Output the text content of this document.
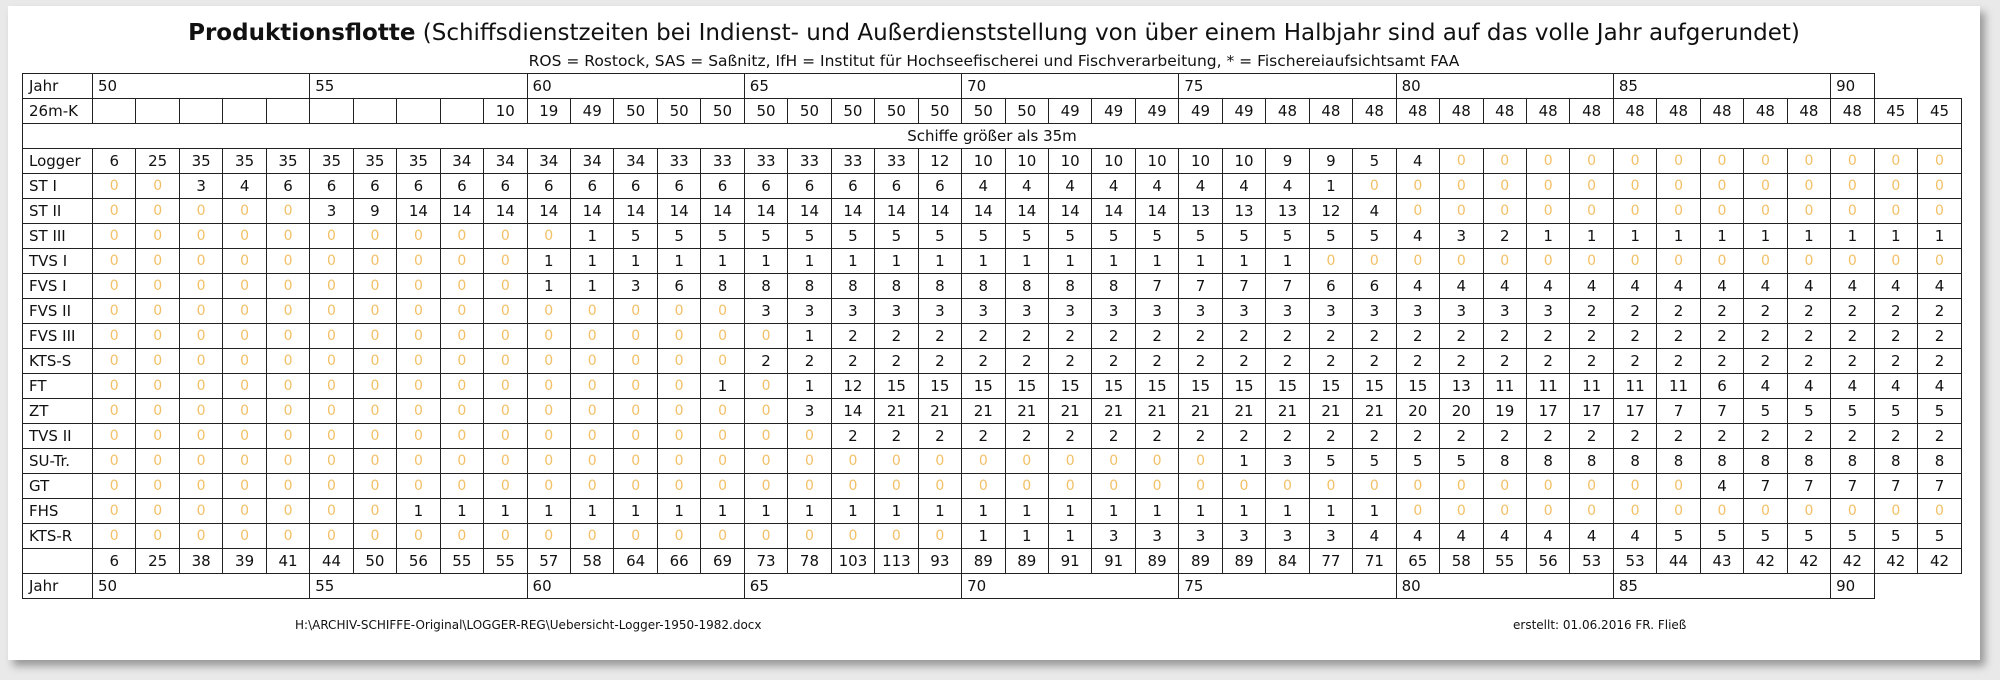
Produktionsflotte (Schiffsdienstzeiten bei Indienst- und Außerdienststellung von über einem Halbjahr sind auf das volle Jahr aufgerundet)
ROS = Rostock, SAS = Saßnitz, IfH = Institut für Hochseefischerei und Fischverarbeitung, * = Fischereiaufsichtsamt FAA
Jahr	50					55					60					65					70					75					80					85					90		
26m-K										10	19	49	50	50	50	50	50	50	50	50	50	50	49	49	49	49	49	48	48	48	48	48	48	48	48	48	48	48	48	48	48	45	45
Schiffe größer als 35m																																											
Logger	6	25	35	35	35	35	35	35	34	34	34	34	34	33	33	33	33	33	33	12	10	10	10	10	10	10	10	9	9	5	4	0	0	0	0	0	0	0	0	0	0	0	0
ST I	0	0	3	4	6	6	6	6	6	6	6	6	6	6	6	6	6	6	6	6	4	4	4	4	4	4	4	4	1	0	0	0	0	0	0	0	0	0	0	0	0	0	0
ST II	0	0	0	0	0	3	9	14	14	14	14	14	14	14	14	14	14	14	14	14	14	14	14	14	14	13	13	13	12	4	0	0	0	0	0	0	0	0	0	0	0	0	0
ST III	0	0	0	0	0	0	0	0	0	0	0	1	5	5	5	5	5	5	5	5	5	5	5	5	5	5	5	5	5	5	4	3	2	1	1	1	1	1	1	1	1	1	1
TVS I	0	0	0	0	0	0	0	0	0	0	1	1	1	1	1	1	1	1	1	1	1	1	1	1	1	1	1	1	0	0	0	0	0	0	0	0	0	0	0	0	0	0	0
FVS I	0	0	0	0	0	0	0	0	0	0	1	1	3	6	8	8	8	8	8	8	8	8	8	8	7	7	7	7	6	6	4	4	4	4	4	4	4	4	4	4	4	4	4
FVS II	0	0	0	0	0	0	0	0	0	0	0	0	0	0	0	3	3	3	3	3	3	3	3	3	3	3	3	3	3	3	3	3	3	3	2	2	2	2	2	2	2	2	2
FVS III	0	0	0	0	0	0	0	0	0	0	0	0	0	0	0	0	1	2	2	2	2	2	2	2	2	2	2	2	2	2	2	2	2	2	2	2	2	2	2	2	2	2	2
KTS-S	0	0	0	0	0	0	0	0	0	0	0	0	0	0	0	2	2	2	2	2	2	2	2	2	2	2	2	2	2	2	2	2	2	2	2	2	2	2	2	2	2	2	2
FT	0	0	0	0	0	0	0	0	0	0	0	0	0	0	1	0	1	12	15	15	15	15	15	15	15	15	15	15	15	15	15	13	11	11	11	11	11	6	4	4	4	4	4
ZT	0	0	0	0	0	0	0	0	0	0	0	0	0	0	0	0	3	14	21	21	21	21	21	21	21	21	21	21	21	21	20	20	19	17	17	17	7	7	5	5	5	5	5
TVS II	0	0	0	0	0	0	0	0	0	0	0	0	0	0	0	0	0	2	2	2	2	2	2	2	2	2	2	2	2	2	2	2	2	2	2	2	2	2	2	2	2	2	2
SU-Tr.	0	0	0	0	0	0	0	0	0	0	0	0	0	0	0	0	0	0	0	0	0	0	0	0	0	0	1	3	5	5	5	5	8	8	8	8	8	8	8	8	8	8	8
GT	0	0	0	0	0	0	0	0	0	0	0	0	0	0	0	0	0	0	0	0	0	0	0	0	0	0	0	0	0	0	0	0	0	0	0	0	0	4	7	7	7	7	7
FHS	0	0	0	0	0	0	0	1	1	1	1	1	1	1	1	1	1	1	1	1	1	1	1	1	1	1	1	1	1	1	0	0	0	0	0	0	0	0	0	0	0	0	0
KTS-R	0	0	0	0	0	0	0	0	0	0	0	0	0	0	0	0	0	0	0	0	1	1	1	3	3	3	3	3	3	4	4	4	4	4	4	4	5	5	5	5	5	5	5
	6	25	38	39	41	44	50	56	55	55	57	58	64	66	69	73	78	103	113	93	89	89	91	91	89	89	89	84	77	71	65	58	55	56	53	53	44	43	42	42	42	42	42
Jahr	50					55					60					65					70					75					80					85					90		
H:\ARCHIV-SCHIFFE-Original\LOGGER-REG\Uebersicht-Logger-1950-1982.docx	erstellt: 01.06.2016 FR. Fließ
